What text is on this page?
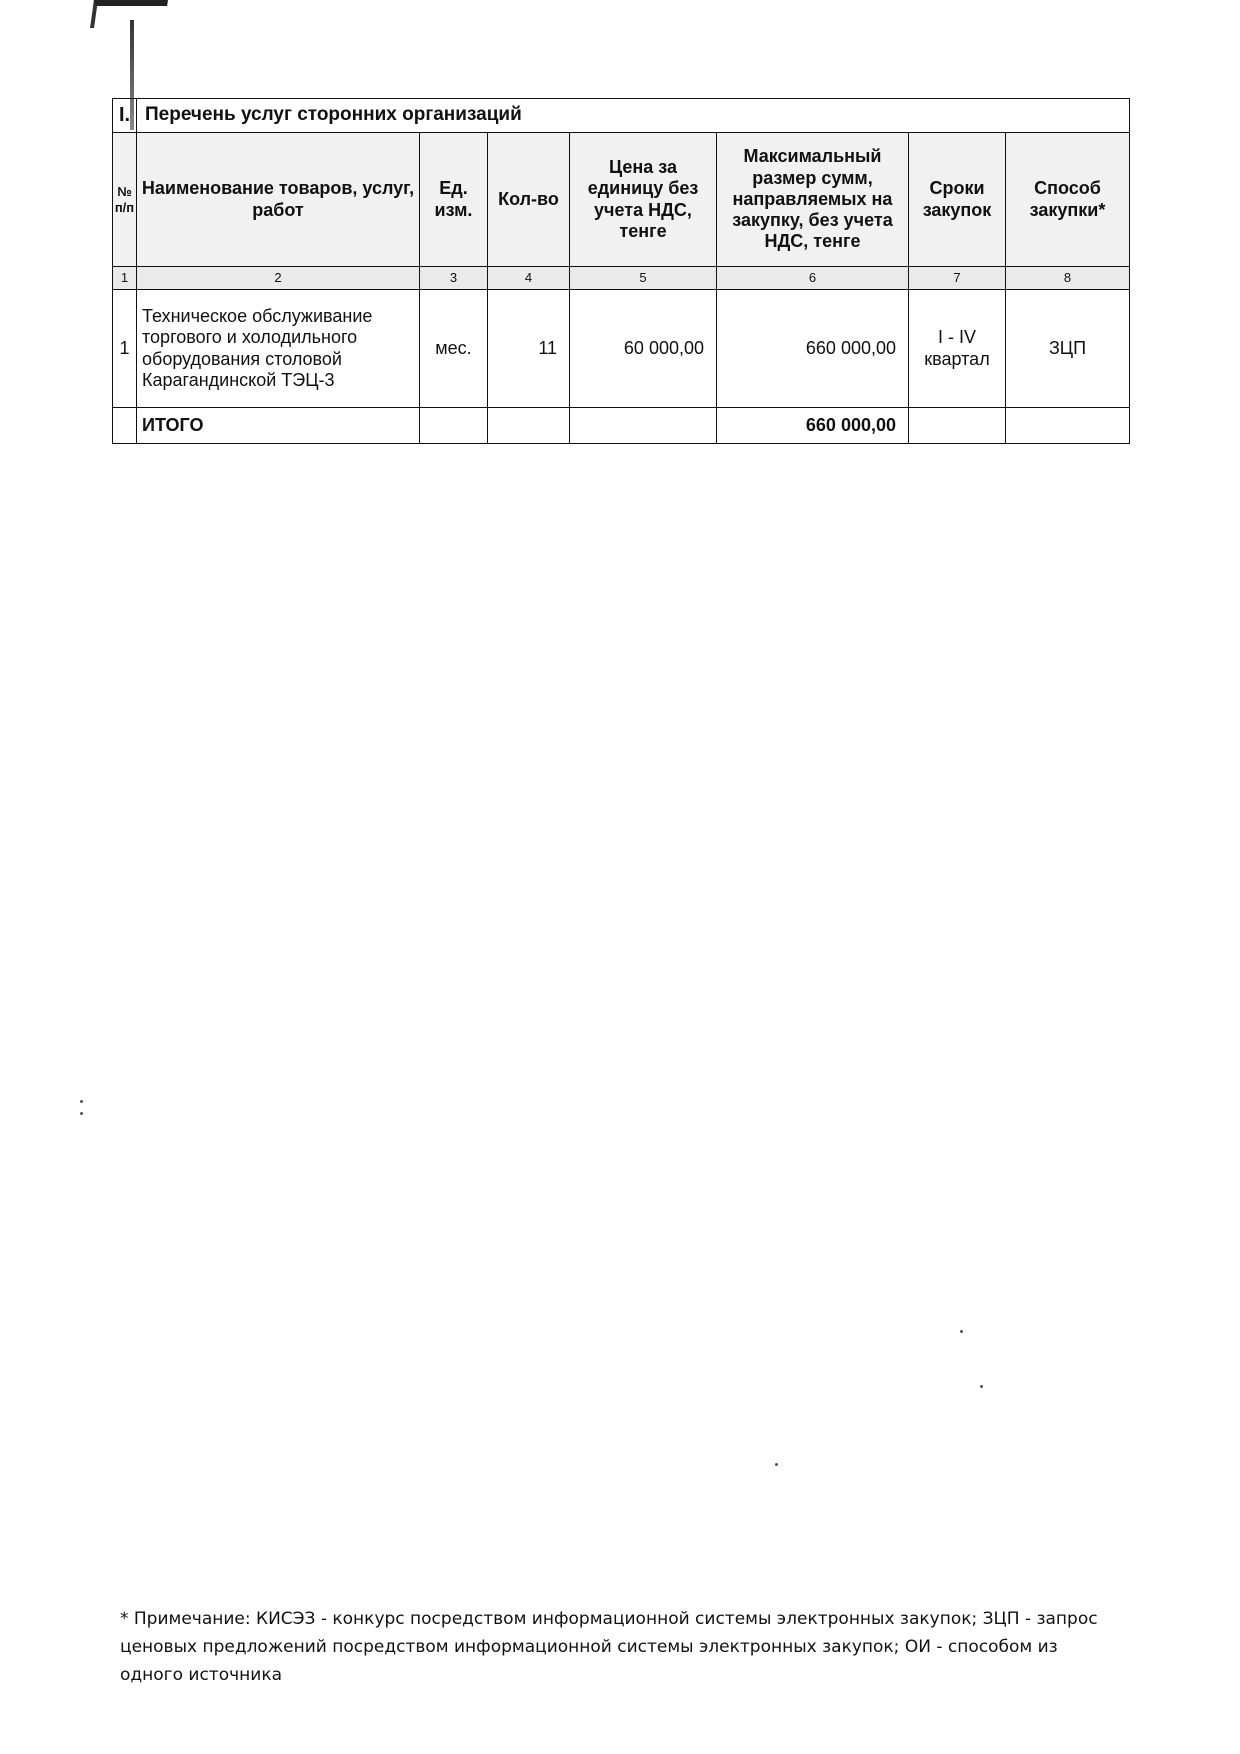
I.	Перечень услуг сторонних организаций						
№ п/п	Наименование товаров, услуг, работ	Ед. изм.	Кол-во	Цена за единицу без учета НДС, тенге	Максимальный размер сумм, направляемых на закупку, без учета НДС, тенге	Сроки закупок	Способ закупки*
1	2	3	4	5	6	7	8
1	Техническое обслуживание торгового и холодильного оборудования столовой Карагандинской ТЭЦ-3	мес.	11	60 000,00	660 000,00	I - IV квартал	ЗЦП
	ИТОГО				660 000,00		
* Примечание: КИСЭЗ - конкурс посредством информационной системы электронных закупок; ЗЦП - запрос ценовых предложений посредством информационной системы электронных закупок; ОИ - способом из одного источника
